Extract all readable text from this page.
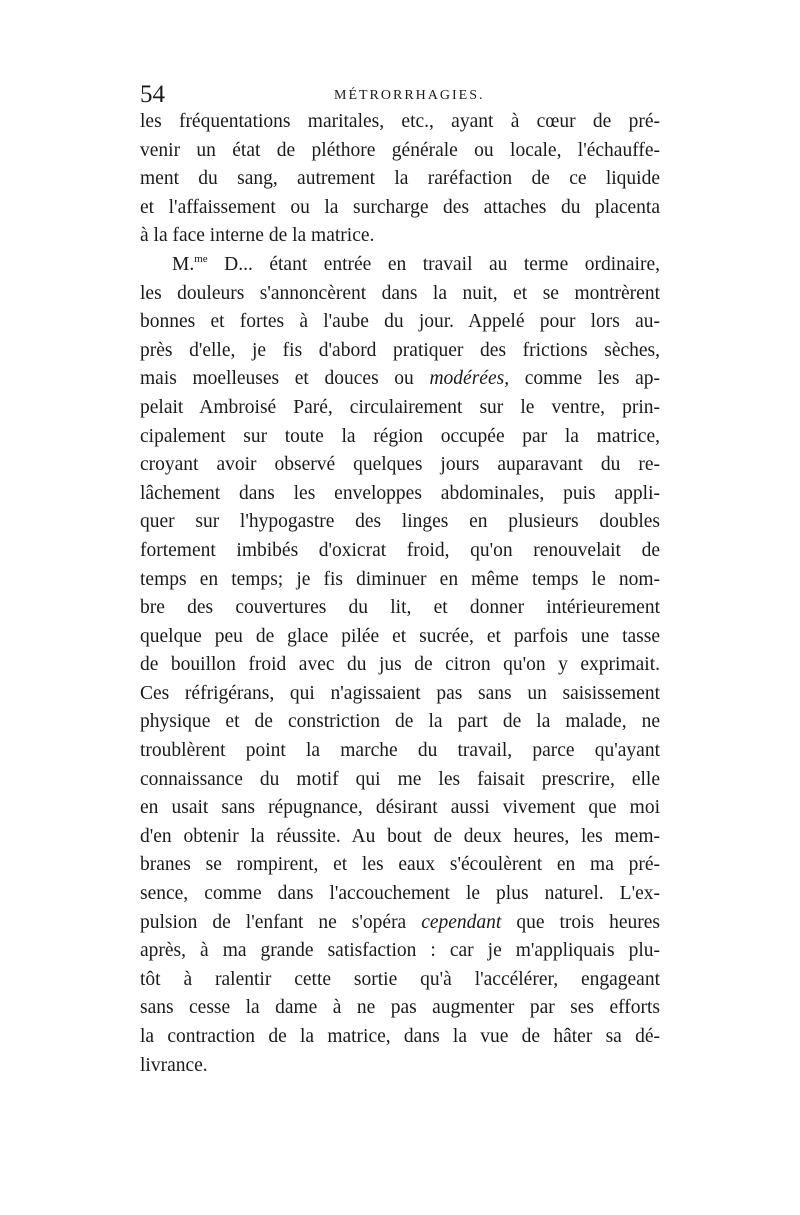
54	MÉTRORRHAGIES.
les fréquentations maritales, etc., ayant à cœur de pré-
venir un état de pléthore générale ou locale, l'échauffe-
ment du sang, autrement la raréfaction de ce liquide
et l'affaissement ou la surcharge des attaches du placenta
à la face interne de la matrice.
M.$^{me}$ D... étant entrée en travail au terme ordinaire,
les douleurs s'annoncèrent dans la nuit, et se montrèrent
bonnes et fortes à l'aube du jour. Appelé pour lors au-
près d'elle, je fis d'abord pratiquer des frictions sèches,
mais moelleuses et douces ou modérées, comme les ap-
pelait Ambroisé Paré, circulairement sur le ventre, prin-
cipalement sur toute la région occupée par la matrice,
croyant avoir observé quelques jours auparavant du re-
lâchement dans les enveloppes abdominales, puis appli-
quer sur l'hypogastre des linges en plusieurs doubles
fortement imbibés d'oxicrat froid, qu'on renouvelait de
temps en temps; je fis diminuer en même temps le nom-
bre des couvertures du lit, et donner intérieurement
quelque peu de glace pilée et sucrée, et parfois une tasse
de bouillon froid avec du jus de citron qu'on y exprimait.
Ces réfrigérans, qui n'agissaient pas sans un saisissement
physique et de constriction de la part de la malade, ne
troublèrent point la marche du travail, parce qu'ayant
connaissance du motif qui me les faisait prescrire, elle
en usait sans répugnance, désirant aussi vivement que moi
d'en obtenir la réussite. Au bout de deux heures, les mem-
branes se rompirent, et les eaux s'écoulèrent en ma pré-
sence, comme dans l'accouchement le plus naturel. L'ex-
pulsion de l'enfant ne s'opéra cependant que trois heures
après, à ma grande satisfaction : car je m'appliquais plu-
tôt à ralentir cette sortie qu'à l'accélérer, engageant
sans cesse la dame à ne pas augmenter par ses efforts
la contraction de la matrice, dans la vue de hâter sa dé-
livrance.
